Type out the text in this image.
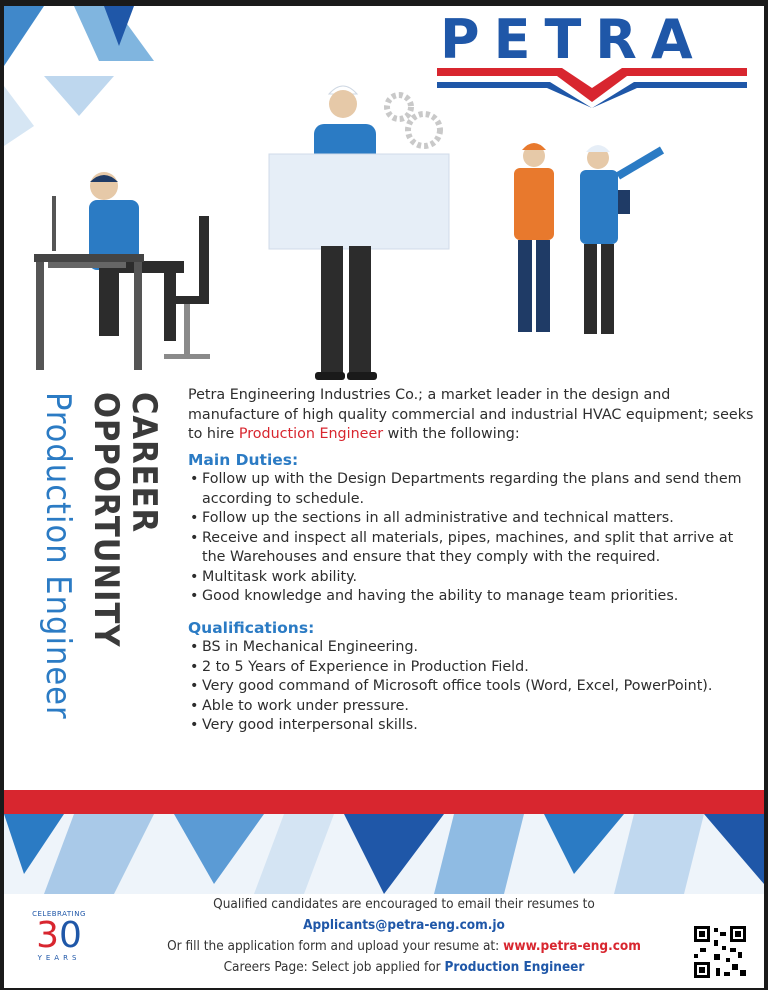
PETRA
CAREER
OPPORTUNITY
Production Engineer	Petra Engineering Industries Co.; a market leader in the design and manufacture of high quality commercial and industrial HVAC equipment; seeks to hire Production Engineer with the following:

Main Duties:
• Follow up with the Design Departments regarding the plans and send them according to schedule.
• Follow up the sections in all administrative and technical matters.
• Receive and inspect all materials, pipes, machines, and split that arrive at the Warehouses and ensure that they comply with the required.
• Multitask work ability.
• Good knowledge and having the ability to manage team priorities.
Qualifications:
• BS in Mechanical Engineering.
• 2 to 5 Years of Experience in Production Field.
• Very good command of Microsoft office tools (Word, Excel, PowerPoint).
• Able to work under pressure.
• Very good interpersonal skills.
CELEBRATING
30
YEARS
Qualified candidates are encouraged to email their resumes to
Applicants@petra-eng.com.jo
Or fill the application form and upload your resume at: www.petra-eng.com
Careers Page: Select job applied for Production Engineer
